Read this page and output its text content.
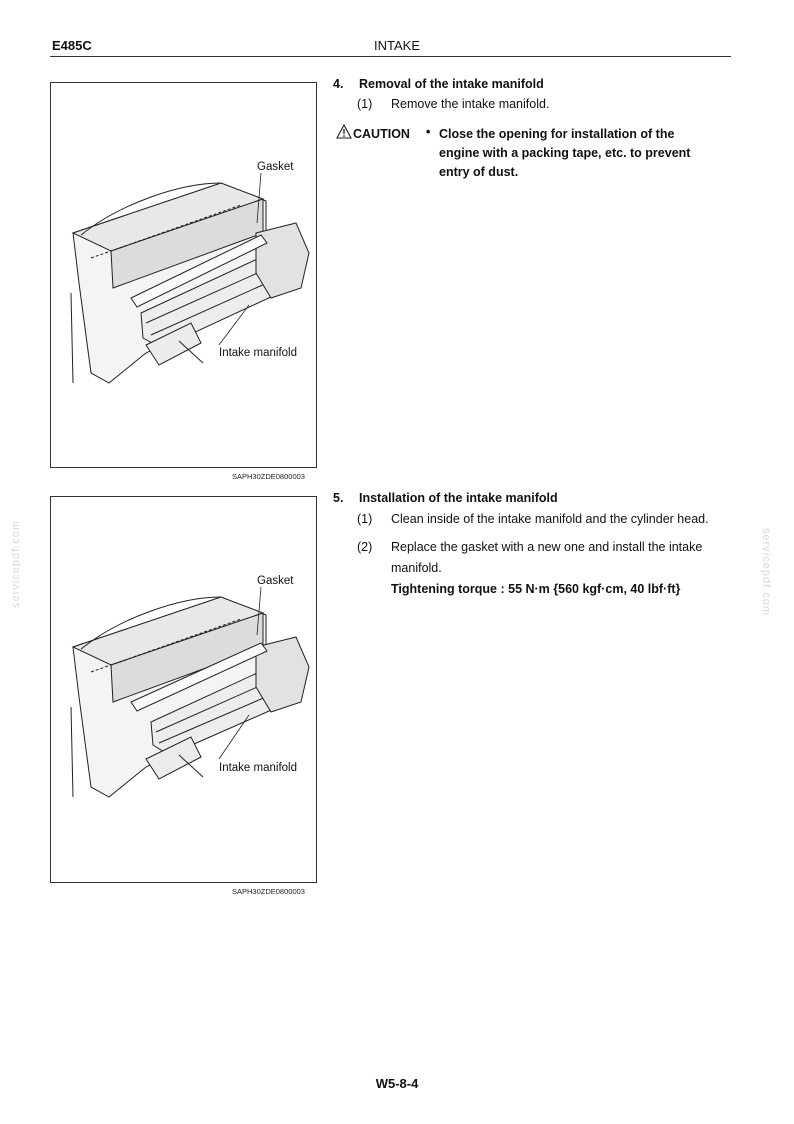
E485C	INTAKE
servicepdf.com	servicepdf.com
Gasket
Intake manifold
SAPH30ZDE0800003
Gasket
Intake manifold
SAPH30ZDE0800003
4. Removal of the intake manifold
(1) Remove the intake manifold.
CAUTION • Close the opening for installation of the
engine with a packing tape, etc. to prevent
entry of dust.
5. Installation of the intake manifold
(1) Clean inside of the intake manifold and the cylinder head.
(2) Replace the gasket with a new one and install the intake manifold.
Tightening torque : 55 N·m {560 kgf·cm, 40 lbf·ft}
W5-8-4
